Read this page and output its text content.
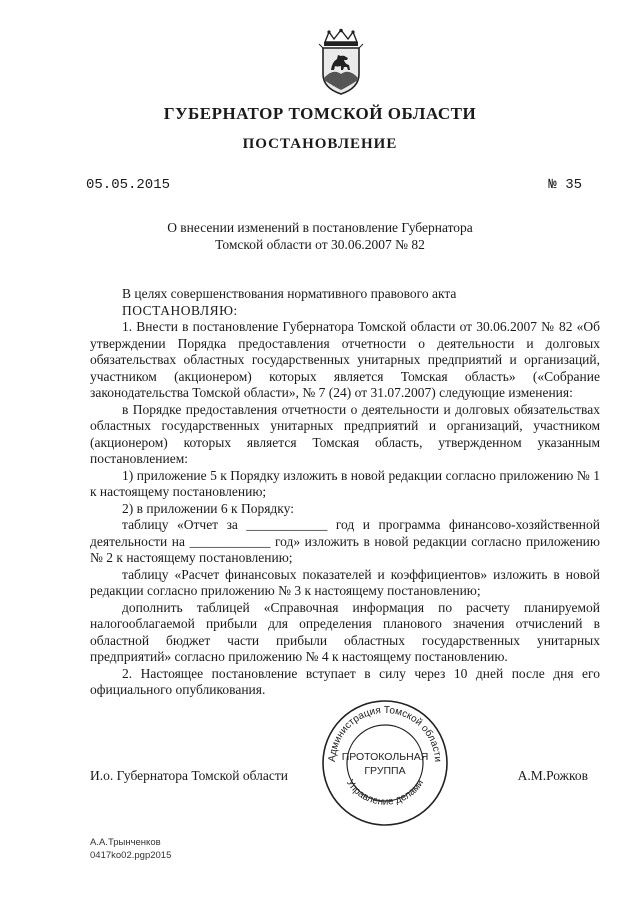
ГУБЕРНАТОР ТОМСКОЙ ОБЛАСТИ
ПОСТАНОВЛЕНИЕ
05.05.2015	№ 35
О внесении изменений в постановление Губернатора
Томской области от 30.06.2007 № 82

В целях совершенствования нормативного правового акта

ПОСТАНОВЛЯЮ:

1. Внести в постановление Губернатора Томской области от 30.06.2007 № 82 «Об утверждении Порядка предоставления отчетности о деятельности и долговых обязательствах областных государственных унитарных предприятий и организаций, участником (акционером) которых является Томская область» («Собрание законодательства Томской области», № 7 (24) от 31.07.2007) следующие изменения:

в Порядке предоставления отчетности о деятельности и долговых обязательствах областных государственных унитарных предприятий и организаций, участником (акционером) которых является Томская область, утвержденном указанным постановлением:

1) приложение 5 к Порядку изложить в новой редакции согласно приложению № 1 к настоящему постановлению;

2) в приложении 6 к Порядку:

таблицу «Отчет за ____________ год и программа финансово-хозяйственной деятельности на ____________ год» изложить в новой редакции согласно приложению № 2 к настоящему постановлению;

таблицу «Расчет финансовых показателей и коэффициентов» изложить в новой редакции согласно приложению № 3 к настоящему постановлению;

дополнить таблицей «Справочная информация по расчету планируемой налогооблагаемой прибыли для определения планового значения отчислений в областной бюджет части прибыли областных государственных унитарных предприятий» согласно приложению № 4 к настоящему постановлению.

2. Настоящее постановление вступает в силу через 10 дней после дня его официального опубликования.

И.о. Губернатора Томской области	А.М.Рожков
Администрация Томской области
Управление делами
ПРОТОКОЛЬНАЯ
ГРУППА
А.А.Трынченков
0417ko02.pgp2015
